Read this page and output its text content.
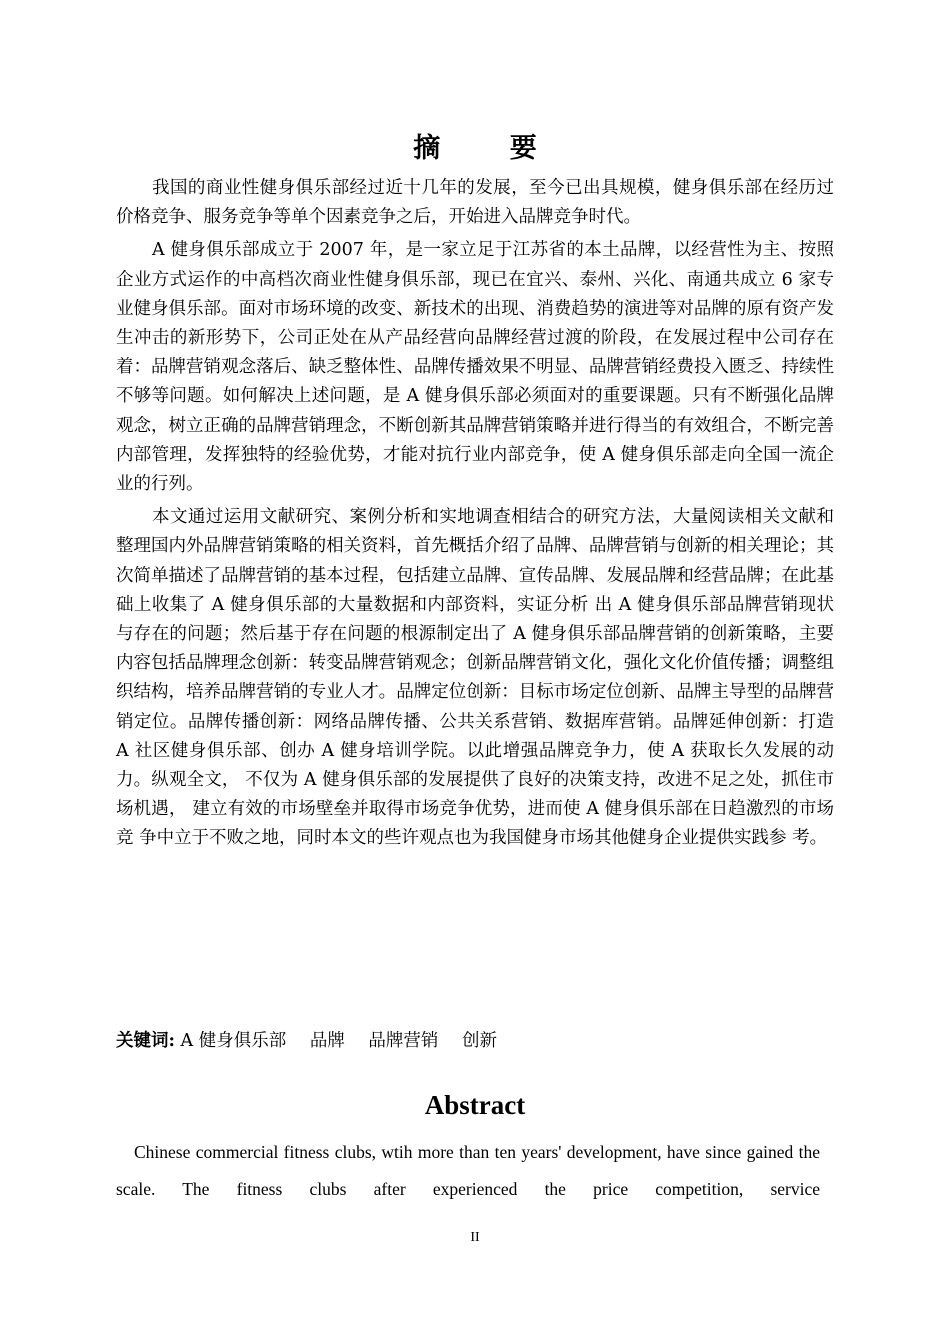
摘 要

我国的商业性健身俱乐部经过近十几年的发展，至今已出具规模，健身俱乐部在经历过价格竞争、服务竞争等单个因素竞争之后，开始进入品牌竞争时代。

A 健身俱乐部成立于 2007 年，是一家立足于江苏省的本土品牌，以经营性为主、按照企业方式运作的中高档次商业性健身俱乐部，现已在宜兴、泰州、兴化、南通共成立 6 家专业健身俱乐部。面对市场环境的改变、新技术的出现、消费趋势的演进等对品牌的原有资产发生冲击的新形势下，公司正处在从产品经营向品牌经营过渡的阶段，在发展过程中公司存在着：品牌营销观念落后、缺乏整体性、品牌传播效果不明显、品牌营销经费投入匮乏、持续性不够等问题。如何解决上述问题，是 A 健身俱乐部必须面对的重要课题。只有不断强化品牌观念，树立正确的品牌营销理念，不断创新其品牌营销策略并进行得当的有效组合，不断完善内部管理，发挥独特的经验优势，才能对抗行业内部竞争，使 A 健身俱乐部走向全国一流企业的行列。

本文通过运用文献研究、案例分析和实地调查相结合的研究方法，大量阅读相关文献和整理国内外品牌营销策略的相关资料，首先概括介绍了品牌、品牌营销与创新的相关理论；其次简单描述了品牌营销的基本过程，包括建立品牌、宣传品牌、发展品牌和经营品牌；在此基础上收集了 A 健身俱乐部的大量数据和内部资料，实证分析 出 A 健身俱乐部品牌营销现状与存在的问题；然后基于存在问题的根源制定出了 A 健身俱乐部品牌营销的创新策略，主要内容包括品牌理念创新：转变品牌营销观念；创新品牌营销文化，强化文化价值传播；调整组织结构，培养品牌营销的专业人才。品牌定位创新：目标市场定位创新、品牌主导型的品牌营销定位。品牌传播创新：网络品牌传播、公共关系营销、数据库营销。品牌延伸创新：打造 A 社区健身俱乐部、创办 A 健身培训学院。以此增强品牌竞争力，使 A 获取长久发展的动力。纵观全文， 不仅为 A 健身俱乐部的发展提供了良好的决策支持，改进不足之处，抓住市场机遇， 建立有效的市场壁垒并取得市场竞争优势，进而使 A 健身俱乐部在日趋激烈的市场竞 争中立于不败之地，同时本文的些许观点也为我国健身市场其他健身企业提供实践参 考。

关键词: A 健身俱乐部 品牌 品牌营销 创新
Abstract

Chinese commercial fitness clubs, wtih more than ten years' development, have since gained the scale. The fitness clubs after experienced the price competition, service

II
